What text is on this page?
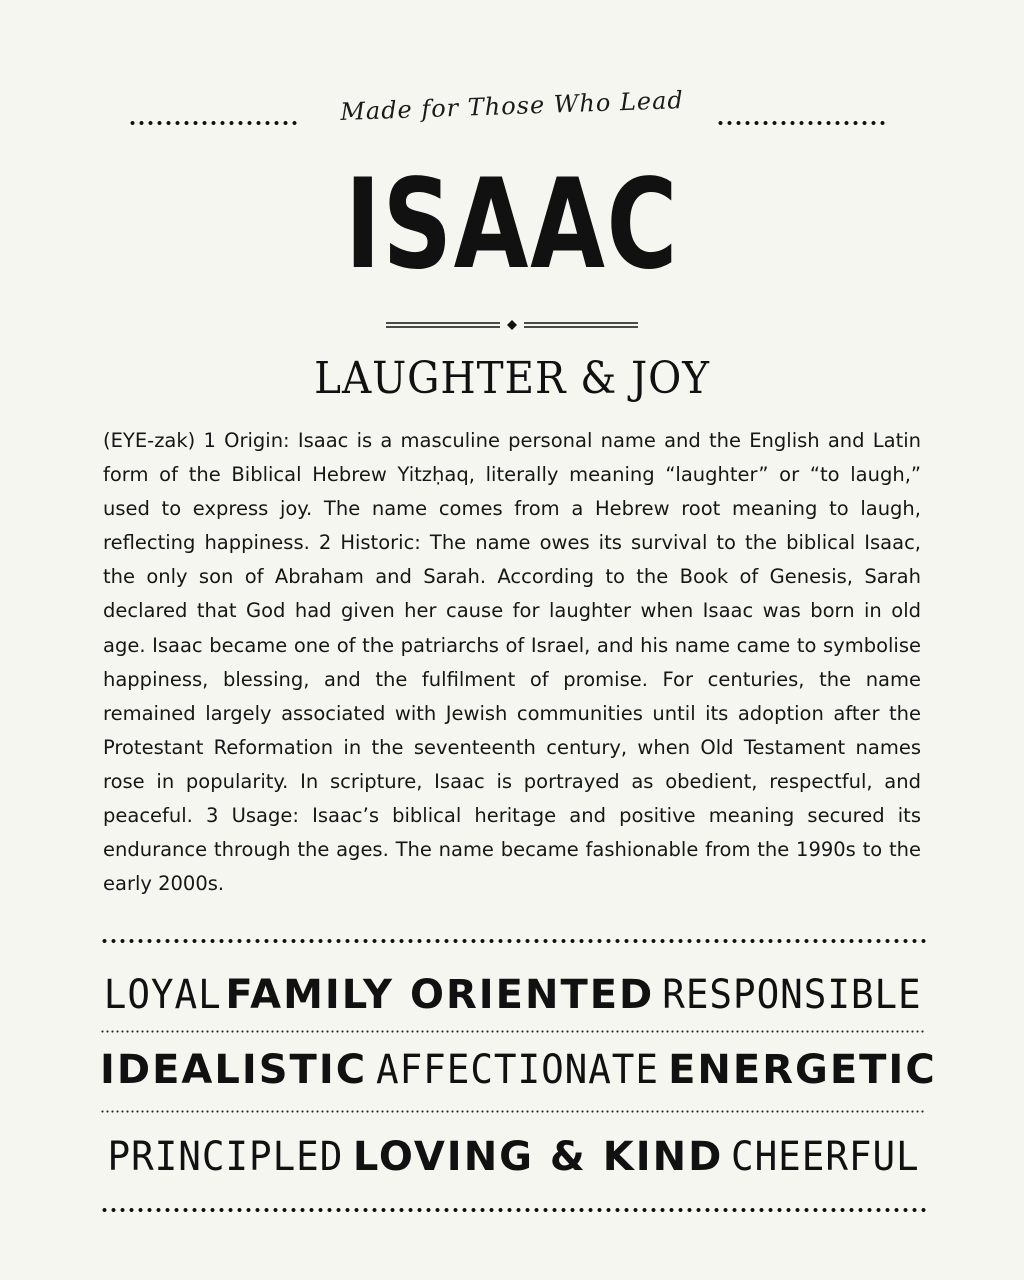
Made for Those Who Lead
ISAAC
LAUGHTER & JOY
(EYE-zak) 1 Origin: Isaac is a masculine personal name and the English and Latin form of the Biblical Hebrew Yitzḥaq, literally meaning “laughter” or “to laugh,” used to express joy. The name comes from a Hebrew root meaning to laugh, reflecting happiness. 2 Historic: The name owes its survival to the biblical Isaac, the only son of Abraham and Sarah. According to the Book of Genesis, Sarah declared that God had given her cause for laughter when Isaac was born in old age. Isaac became one of the patriarchs of Israel, and his name came to symbolise happiness, blessing, and the fulfilment of promise. For centuries, the name remained largely associated with Jewish communities until its adoption after the Protestant Reformation in the seventeenth century, when Old Testament names rose in popularity. In scripture, Isaac is portrayed as obedient, respectful, and peaceful. 3 Usage: Isaac’s biblical heritage and positive meaning secured its endurance through the ages. The name became fashionable from the 1990s to the early 2000s.
LOYAL FAMILY ORIENTED RESPONSIBLE
IDEALISTIC AFFECTIONATE ENERGETIC
PRINCIPLED LOVING & KIND CHEERFUL
